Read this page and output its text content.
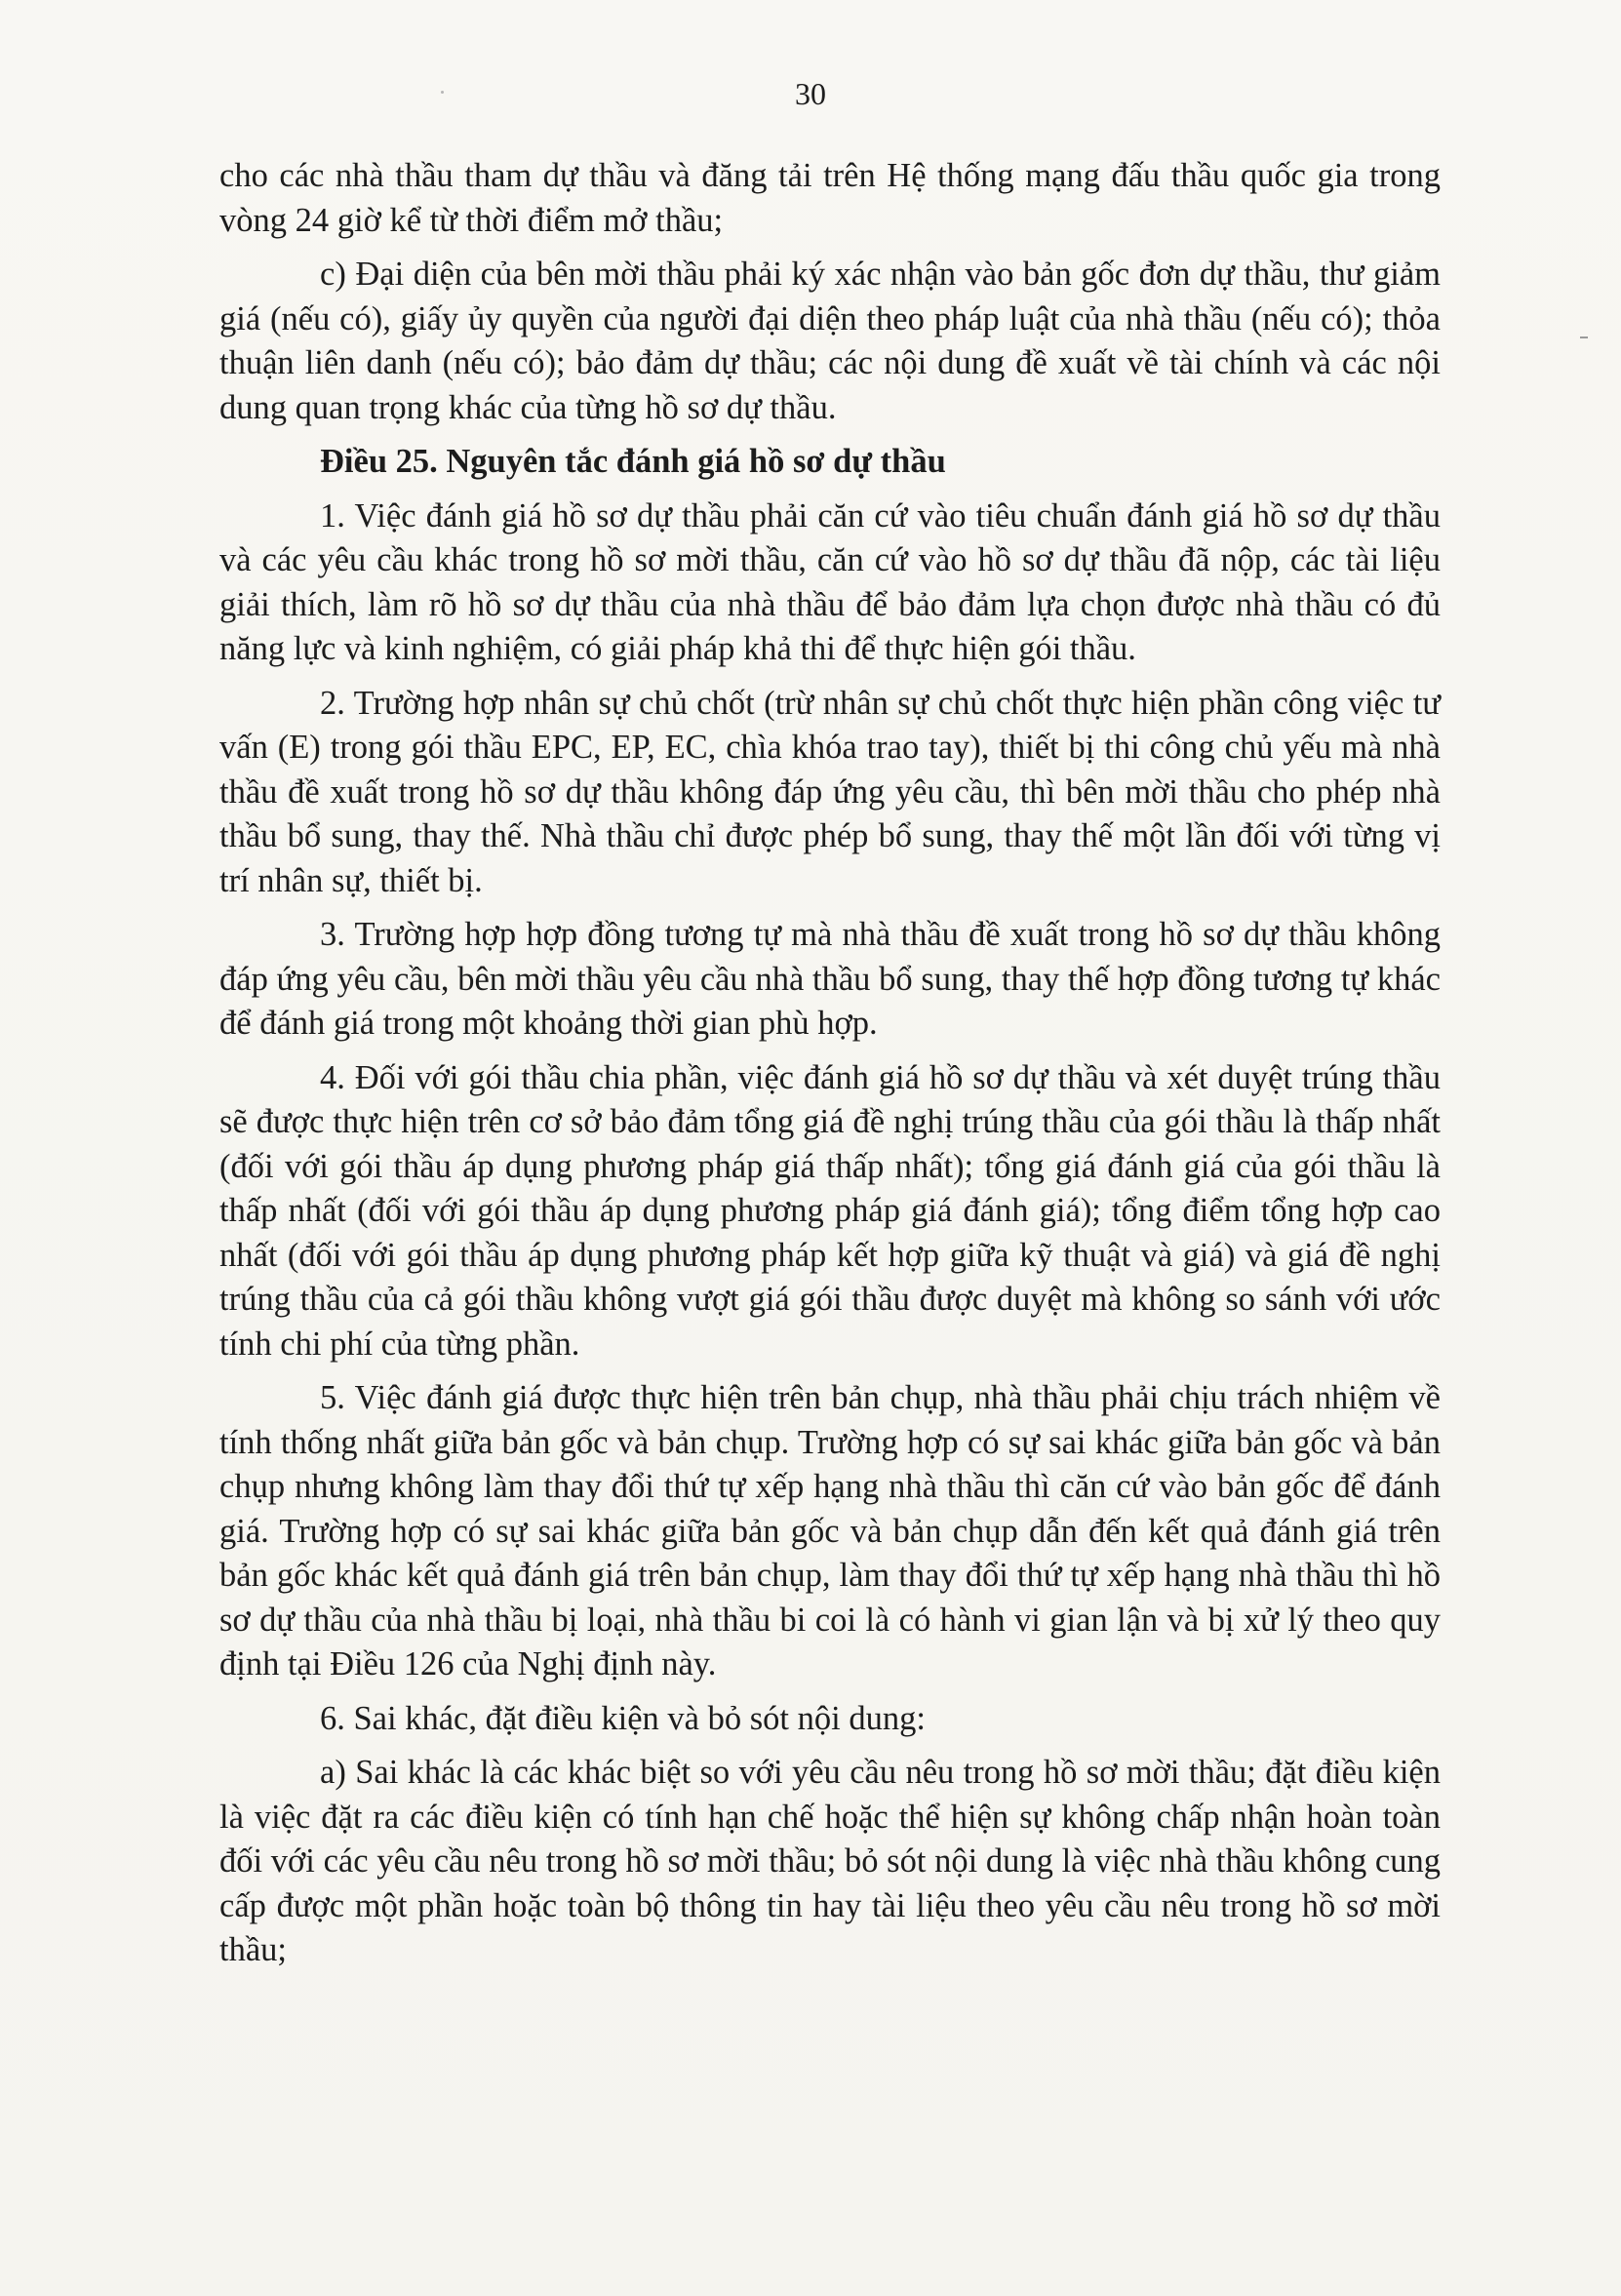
30

cho các nhà thầu tham dự thầu và đăng tải trên Hệ thống mạng đấu thầu quốc gia trong vòng 24 giờ kể từ thời điểm mở thầu;

c) Đại diện của bên mời thầu phải ký xác nhận vào bản gốc đơn dự thầu, thư giảm giá (nếu có), giấy ủy quyền của người đại diện theo pháp luật của nhà thầu (nếu có); thỏa thuận liên danh (nếu có); bảo đảm dự thầu; các nội dung đề xuất về tài chính và các nội dung quan trọng khác của từng hồ sơ dự thầu.

Điều 25. Nguyên tắc đánh giá hồ sơ dự thầu

1. Việc đánh giá hồ sơ dự thầu phải căn cứ vào tiêu chuẩn đánh giá hồ sơ dự thầu và các yêu cầu khác trong hồ sơ mời thầu, căn cứ vào hồ sơ dự thầu đã nộp, các tài liệu giải thích, làm rõ hồ sơ dự thầu của nhà thầu để bảo đảm lựa chọn được nhà thầu có đủ năng lực và kinh nghiệm, có giải pháp khả thi để thực hiện gói thầu.

2. Trường hợp nhân sự chủ chốt (trừ nhân sự chủ chốt thực hiện phần công việc tư vấn (E) trong gói thầu EPC, EP, EC, chìa khóa trao tay), thiết bị thi công chủ yếu mà nhà thầu đề xuất trong hồ sơ dự thầu không đáp ứng yêu cầu, thì bên mời thầu cho phép nhà thầu bổ sung, thay thế. Nhà thầu chỉ được phép bổ sung, thay thế một lần đối với từng vị trí nhân sự, thiết bị.

3. Trường hợp hợp đồng tương tự mà nhà thầu đề xuất trong hồ sơ dự thầu không đáp ứng yêu cầu, bên mời thầu yêu cầu nhà thầu bổ sung, thay thế hợp đồng tương tự khác để đánh giá trong một khoảng thời gian phù hợp.

4. Đối với gói thầu chia phần, việc đánh giá hồ sơ dự thầu và xét duyệt trúng thầu sẽ được thực hiện trên cơ sở bảo đảm tổng giá đề nghị trúng thầu của gói thầu là thấp nhất (đối với gói thầu áp dụng phương pháp giá thấp nhất); tổng giá đánh giá của gói thầu là thấp nhất (đối với gói thầu áp dụng phương pháp giá đánh giá); tổng điểm tổng hợp cao nhất (đối với gói thầu áp dụng phương pháp kết hợp giữa kỹ thuật và giá) và giá đề nghị trúng thầu của cả gói thầu không vượt giá gói thầu được duyệt mà không so sánh với ước tính chi phí của từng phần.

5. Việc đánh giá được thực hiện trên bản chụp, nhà thầu phải chịu trách nhiệm về tính thống nhất giữa bản gốc và bản chụp. Trường hợp có sự sai khác giữa bản gốc và bản chụp nhưng không làm thay đổi thứ tự xếp hạng nhà thầu thì căn cứ vào bản gốc để đánh giá. Trường hợp có sự sai khác giữa bản gốc và bản chụp dẫn đến kết quả đánh giá trên bản gốc khác kết quả đánh giá trên bản chụp, làm thay đổi thứ tự xếp hạng nhà thầu thì hồ sơ dự thầu của nhà thầu bị loại, nhà thầu bi coi là có hành vi gian lận và bị xử lý theo quy định tại Điều 126 của Nghị định này.

6. Sai khác, đặt điều kiện và bỏ sót nội dung:

a) Sai khác là các khác biệt so với yêu cầu nêu trong hồ sơ mời thầu; đặt điều kiện là việc đặt ra các điều kiện có tính hạn chế hoặc thể hiện sự không chấp nhận hoàn toàn đối với các yêu cầu nêu trong hồ sơ mời thầu; bỏ sót nội dung là việc nhà thầu không cung cấp được một phần hoặc toàn bộ thông tin hay tài liệu theo yêu cầu nêu trong hồ sơ mời thầu;
